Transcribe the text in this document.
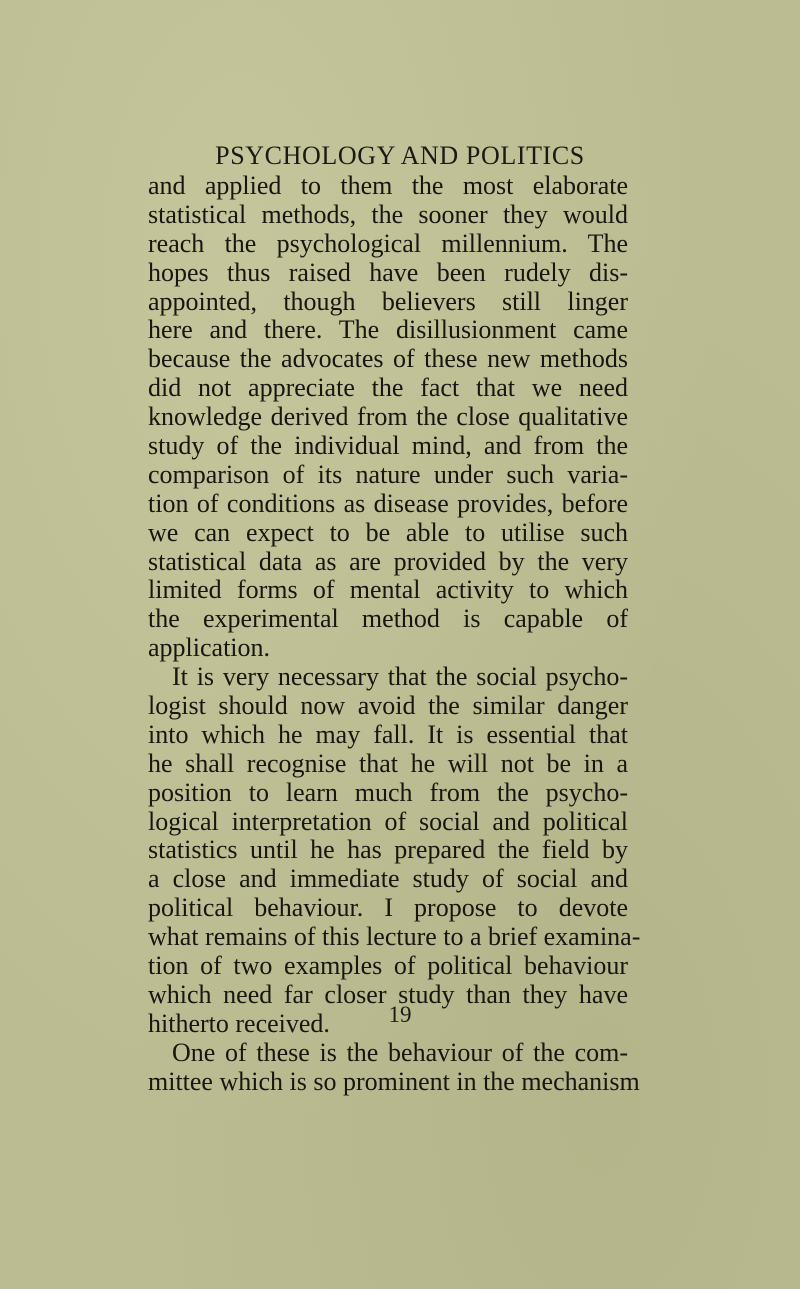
PSYCHOLOGY AND POLITICS
and applied to them the most elaborate
statistical methods, the sooner they would
reach the psychological millennium. The
hopes thus raised have been rudely dis-
appointed, though believers still linger
here and there. The disillusionment came
because the advocates of these new methods
did not appreciate the fact that we need
knowledge derived from the close qualitative
study of the individual mind, and from the
comparison of its nature under such varia-
tion of conditions as disease provides, before
we can expect to be able to utilise such
statistical data as are provided by the very
limited forms of mental activity to which
the experimental method is capable of
application.
It is very necessary that the social psycho-
logist should now avoid the similar danger
into which he may fall. It is essential that
he shall recognise that he will not be in a
position to learn much from the psycho-
logical interpretation of social and political
statistics until he has prepared the field by
a close and immediate study of social and
political behaviour. I propose to devote
what remains of this lecture to a brief examina-
tion of two examples of political behaviour
which need far closer study than they have
hitherto received.
One of these is the behaviour of the com-
mittee which is so prominent in the mechanism
19
